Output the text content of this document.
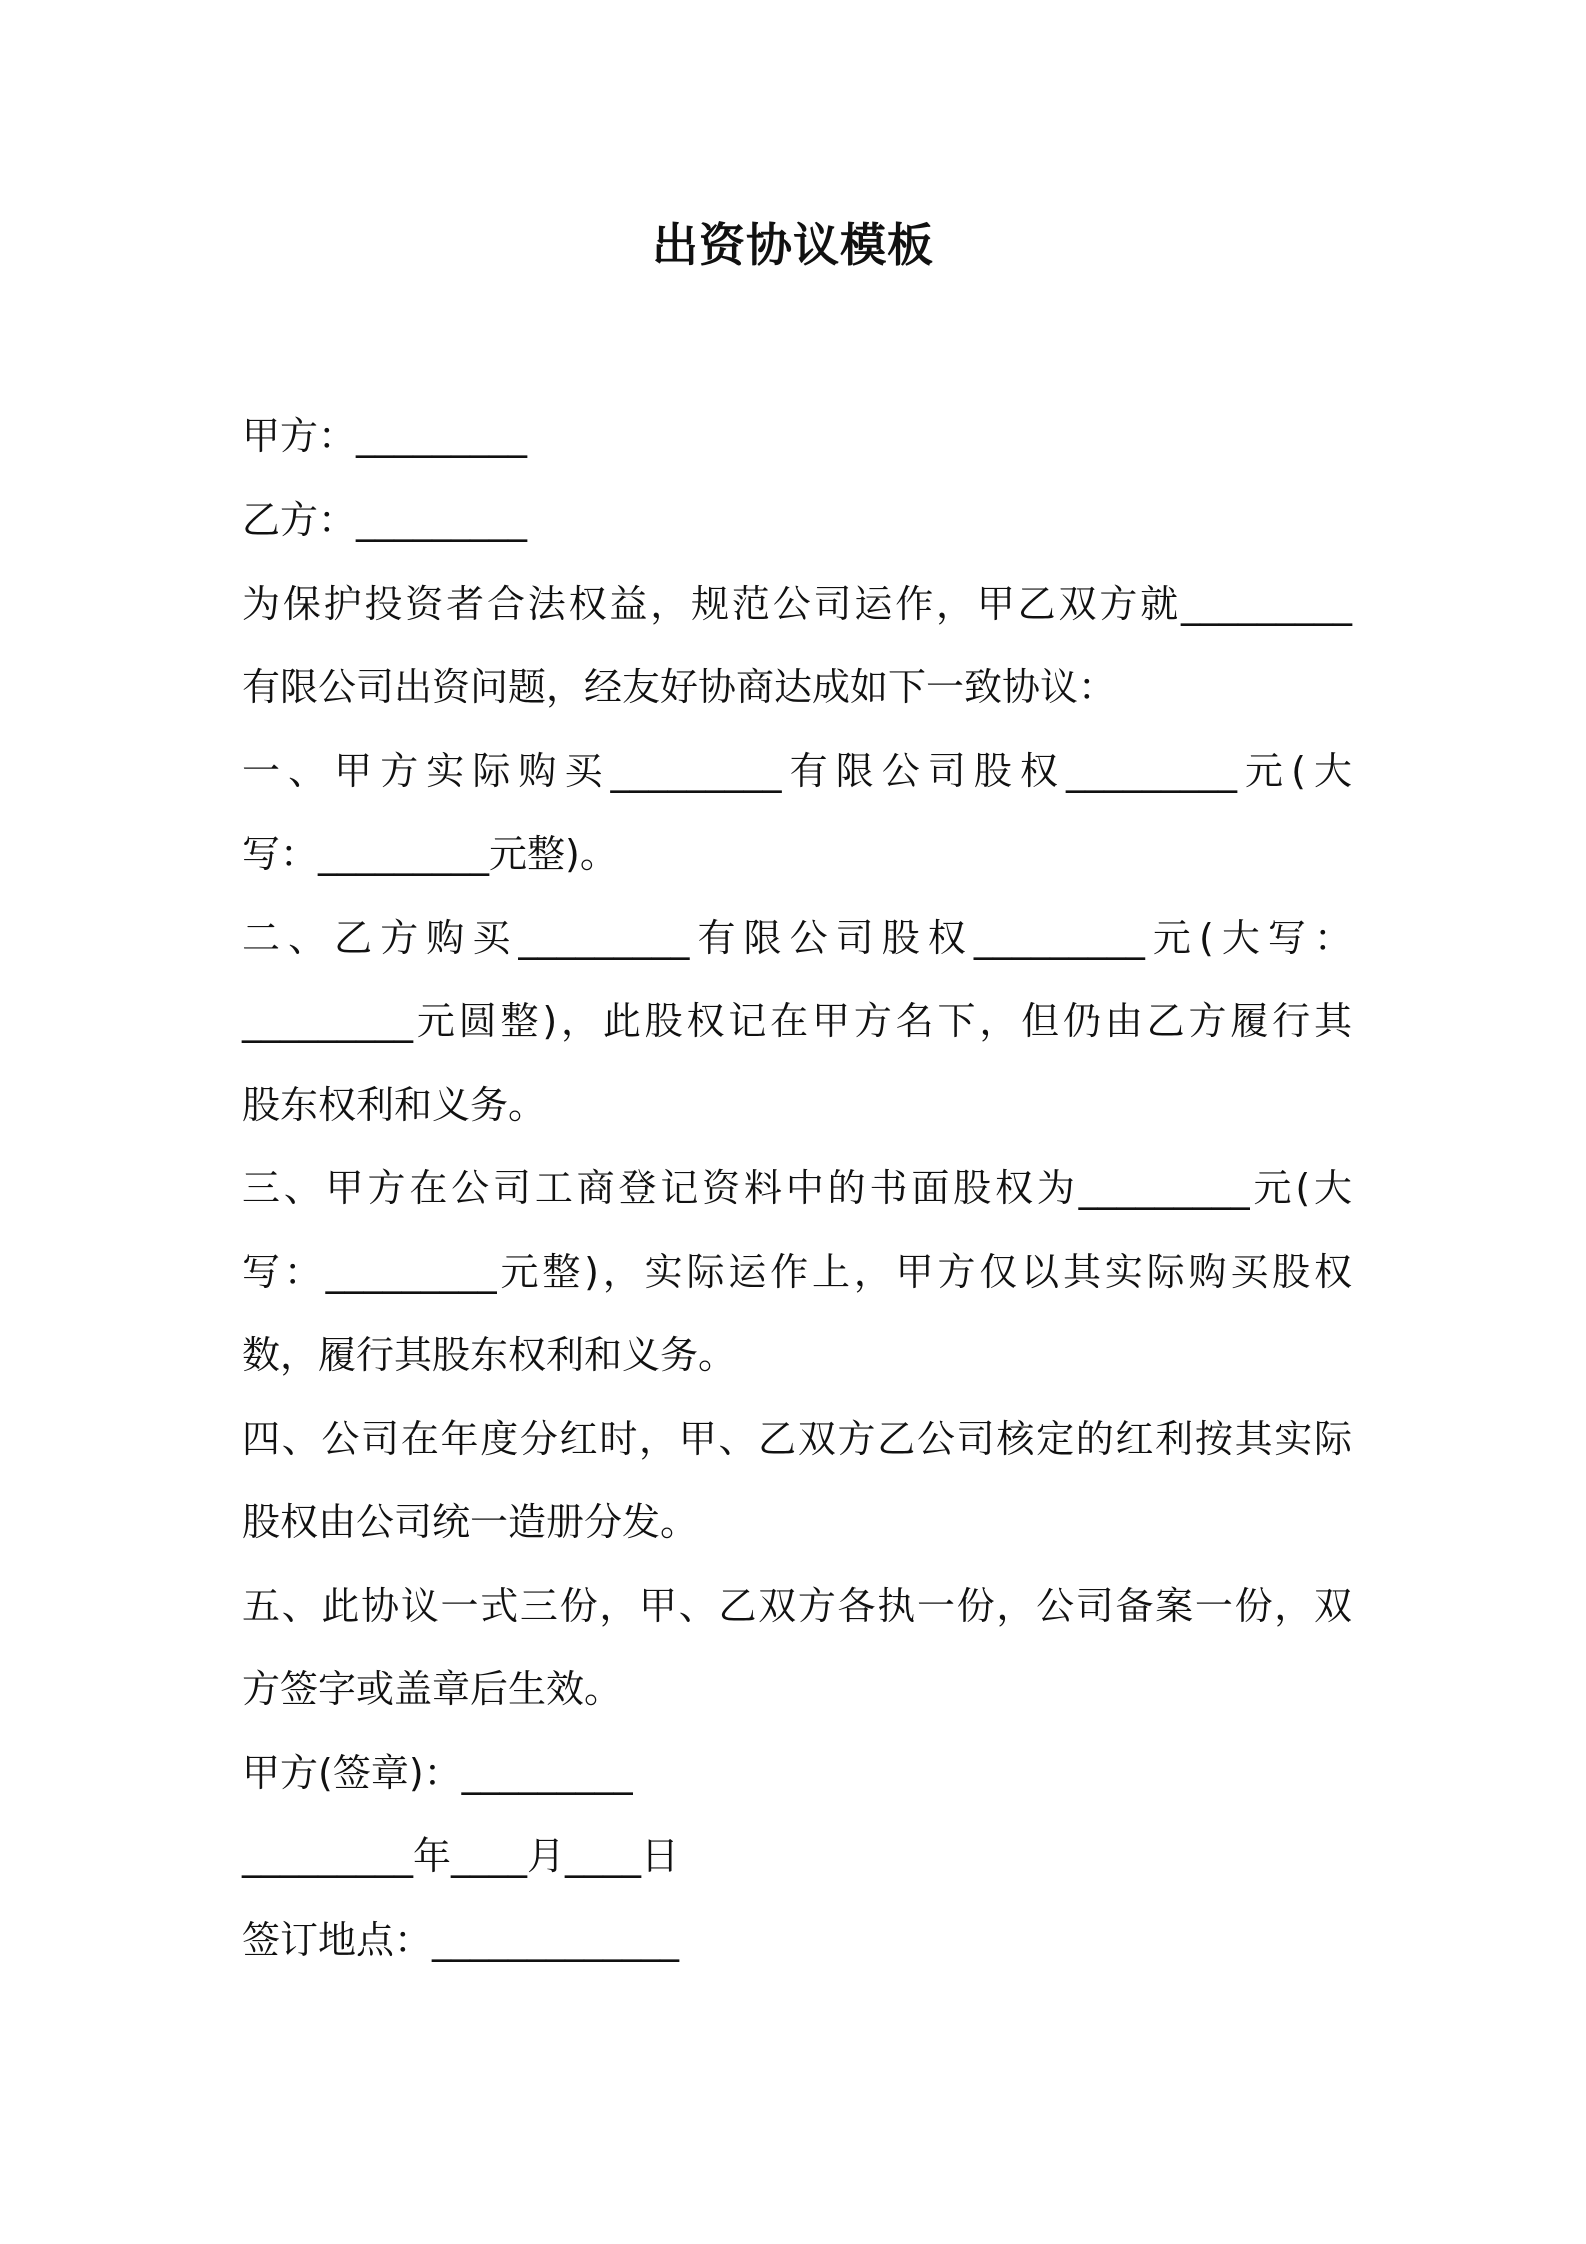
出资协议模板
甲方：_________
乙方：_________
为保护投资者合法权益，规范公司运作，甲乙双方就_________
有限公司出资问题，经友好协商达成如下一致协议：
一、甲方实际购买_________有限公司股权_________元(大
写：_________元整)。
二、乙方购买_________有限公司股权_________元(大写：
_________元圆整)，此股权记在甲方名下，但仍由乙方履行其
股东权利和义务。
三、甲方在公司工商登记资料中的书面股权为_________元(大
写：_________元整)，实际运作上，甲方仅以其实际购买股权
数，履行其股东权利和义务。
四、公司在年度分红时，甲、乙双方乙公司核定的红利按其实际
股权由公司统一造册分发。
五、此协议一式三份，甲、乙双方各执一份，公司备案一份，双
方签字或盖章后生效。
甲方(签章)：_________
_________年____月____日
签订地点：_____________
